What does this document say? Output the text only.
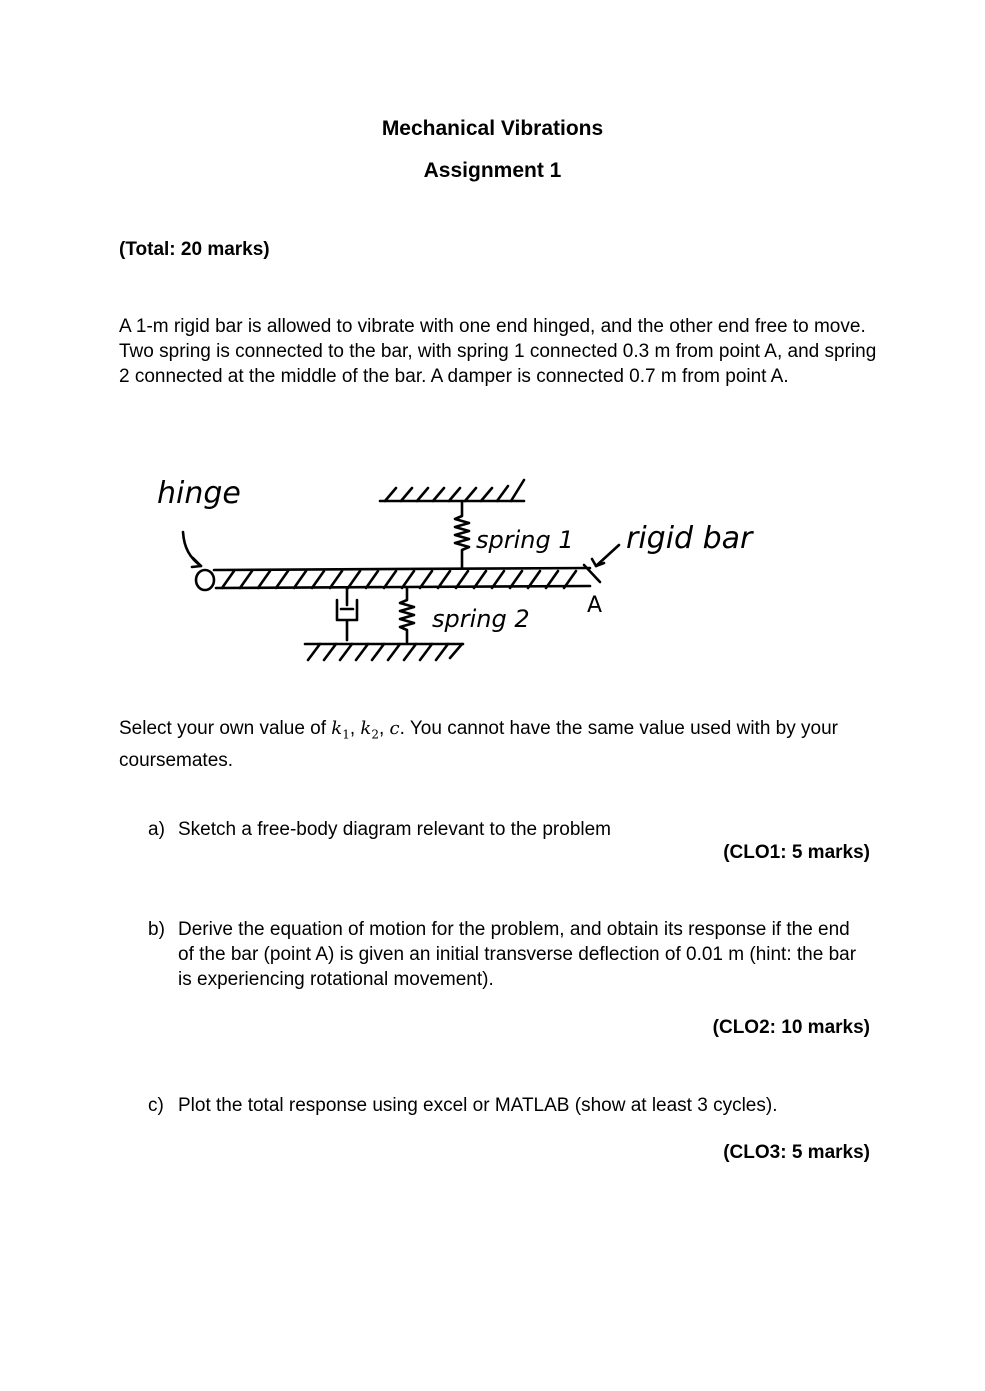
Mechanical Vibrations
Assignment 1
(Total: 20 marks)
A 1-m rigid bar is allowed to vibrate with one end hinged, and the other end free to move. Two spring is connected to the bar, with spring 1 connected 0.3 m from point A, and spring 2 connected at the middle of the bar. A damper is connected 0.7 m from point A.
hinge
spring 1 rigid bar
A
spring 2
Select your own value of $k_1$, $k_2$, c. You cannot have the same value used with by your coursemates.
a) Sketch a free-body diagram relevant to the problem
(CLO1: 5 marks)
b) Derive the equation of motion for the problem, and obtain its response if the end of the bar (point A) is given an initial transverse deflection of 0.01 m (hint: the bar is experiencing rotational movement).
(CLO2: 10 marks)
c) Plot the total response using excel or MATLAB (show at least 3 cycles).
(CLO3: 5 marks)
